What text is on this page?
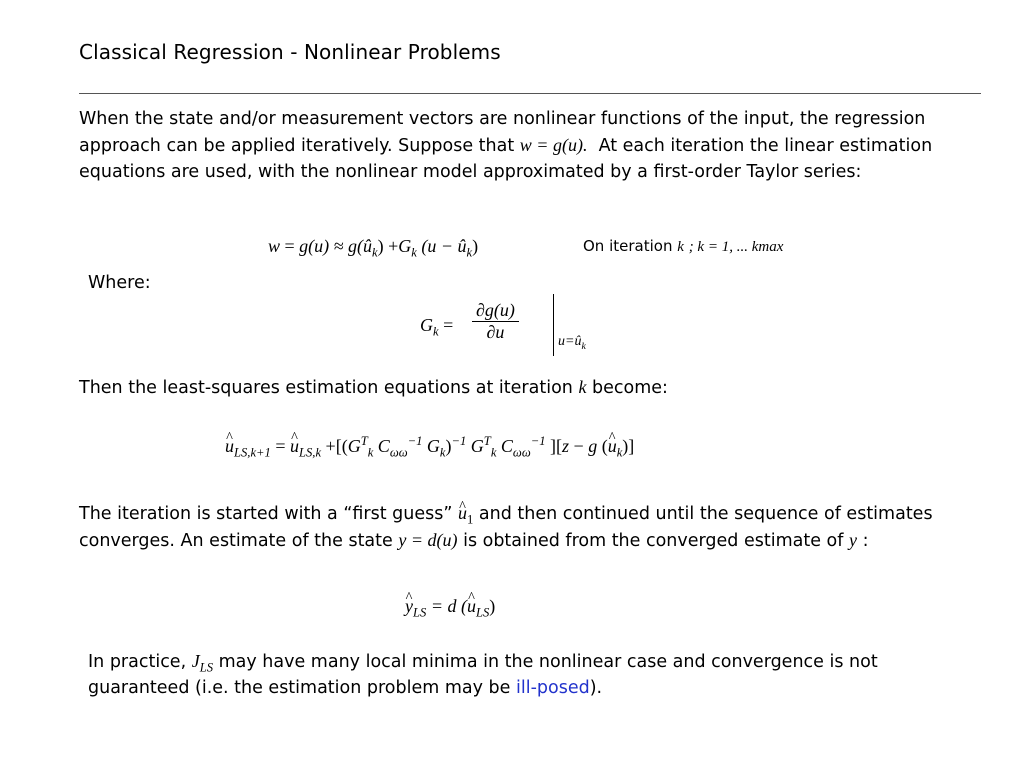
Classical Regression - Nonlinear Problems
When the state and/or measurement vectors are nonlinear functions of the input, the regression approach can be applied iteratively. Suppose that w = g(u). At each iteration the linear estimation equations are used, with the nonlinear model approximated by a first-order Taylor series:
$w = g(u) \approx g(û_k) +G_k$ $(u - û_k)$	On iteration k ; k = 1, ... kmax
Where:
$G_k = \frac{\partial g(u)}{\partial u}$	$u=û_k$
Then the least-squares estimation equations at iteration k become:
^ $u_{LS,k+1}$ = ^ $u_{LS,k} +[(G^T_k$ $C_{\omega\omega}^{-1}$ $G_k)^{-1}$ $G^T_k$ $C_{\omega\omega}^{-1}$ ][z − g (^ $u_k$)]
The iteration is started with a “first guess” ^ $u_1$ and then continued until the sequence of estimates converges. An estimate of the state y = d(u) is obtained from the converged estimate of y :
^ $y_{LS} = d$ (^ $u_{LS}$)
In practice, $J_{LS}$ may have many local minima in the nonlinear case and convergence is not guaranteed (i.e. the estimation problem may be ill-posed).
